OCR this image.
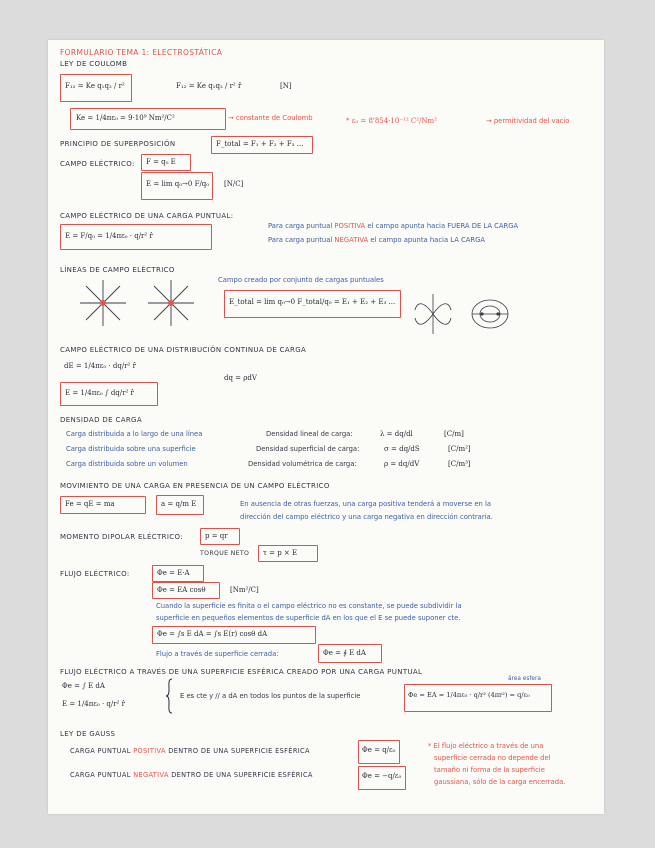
FORMULARIO TEMA 1: ELECTROSTÁTICA
LEY DE COULOMB
F₁₂ = Ke q₁q₂ / r²	F₁₂ = Ke q₁q₂ / r² r̂	[N]
Ke = 1/4πε₀ = 9·10⁹ Nm²/C²	→ constante de Coulomb	* ε₀ = 8'854·10⁻¹² C²/Nm²	→ permitividad del vacío
PRINCIPIO DE SUPERPOSICIÓN	F_total = F₁ + F₂ + F₃ ...
CAMPO ELÉCTRICO: F = q₀ E
E = lim q₀→0 F/q₀ [N/C]
CAMPO ELÉCTRICO DE UNA CARGA PUNTUAL:
E = F/q₀ = 1/4πε₀ · q/r² r̂
Para carga puntual POSITIVA el campo apunta hacia FUERA DE LA CARGA
Para carga puntual NEGATIVA el campo apunta hacia LA CARGA
LÍNEAS DE CAMPO ELÉCTRICO
Campo creado por conjunto de cargas puntuales
E_total = lim q₀→0 F_total/q₀ = E₁ + E₂ + E₃ ...
CAMPO ELÉCTRICO DE UNA DISTRIBUCIÓN CONTINUA DE CARGA
dE = 1/4πε₀ · dq/r² r̂
E = 1/4πε₀ ∫ dq/r² r̂
dq = ρdV
DENSIDAD DE CARGA
Carga distribuida a lo largo de una línea	Densidad lineal de carga:	λ = dq/dl	[C/m]
Carga distribuida sobre una superficie	Densidad superficial de carga:	σ = dq/dS	[C/m²]
Carga distribuida sobre un volumen	Densidad volumétrica de carga:	ρ = dq/dV	[C/m³]
MOVIMIENTO DE UNA CARGA EN PRESENCIA DE UN CAMPO ELÉCTRICO
Fe = qE = ma	a = q/m E	En ausencia de otras fuerzas, una carga positiva tenderá a moverse en la
dirección del campo eléctrico y una carga negativa en dirección contraria.
MOMENTO DIPOLAR ELÉCTRICO:	p = qr
TORQUE NETO τ = p × E
FLUJO ELÉCTRICO:	Φe = E·A
Φe = EA cosθ	[Nm²/C]
Cuando la superficie es finita o el campo eléctrico no es constante, se puede subdividir la
superficie en pequeños elementos de superficie dA en los que el E se puede suponer cte.
Φe = ∫s E dA = ∫s E(r) cosθ dA
Flujo a través de superficie cerrada:	Φe = ∮ E dA
FLUJO ELÉCTRICO A TRAVÉS DE UNA SUPERFICIE ESFÉRICA CREADO POR UNA CARGA PUNTUAL
Φe = ∫ E dA
E = 1/4πε₀ · q/r² r̂
E es cte y // a dA en todos los puntos de la superficie
área esfera
Φe = EA = 1/4πε₀ · q/r² (4πr²) = q/ε₀
LEY DE GAUSS
CARGA PUNTUAL POSITIVA DENTRO DE UNA SUPERFICIE ESFÉRICA	Φe = q/ε₀
CARGA PUNTUAL NEGATIVA DENTRO DE UNA SUPERFICIE ESFÉRICA	Φe = −q/ε₀
* El flujo eléctrico a través de una
superficie cerrada no depende del
tamaño ni forma de la superficie
gaussiana, sólo de la carga encerrada.
